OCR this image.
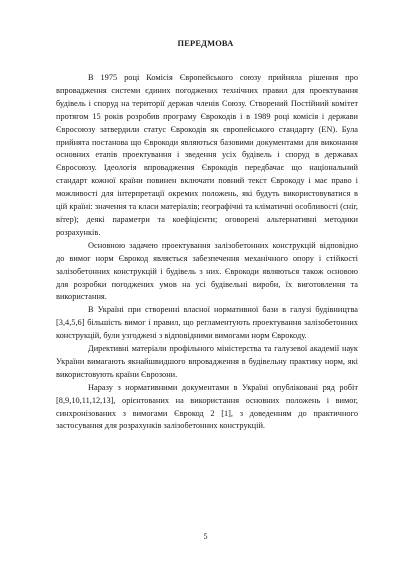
ПЕРЕДМОВА

В 1975 році Комісія Європейського союзу прийняла рішення про впровадження системи єдиних погоджених технічних правил для проектування будівель і споруд на території держав членів Союзу. Створений Постійний комітет протягом 15 років розробив програму Єврокодів і в 1989 році комісія і держави Євросоюзу затвердили статус Єврокодів як європейського стандарту (EN). Була прийнята постанова що Єврокоди являються базовими документами для виконання основних етапів проектування і зведення усіх будівель і споруд в державах Євросоюзу. Ідеологія впровадження Єврокодів передбачає що національний стандарт кожної країни повинен включати повний текст Єврокоду і має право і можливості для інтерпретації окремих положень, які будуть використовуватися в цій країні: значення та класи матеріалів; географічні та кліматичні особливості (сніг, вітер); деякі параметри та коефіцієнти; оговорені альтернативні методики розрахунків.

Основною задачею проектування залізобетонних конструкцій відповідно до вимог норм Єврокод являється забезпечення механічного опору і стійкості залізобетонних конструкцій і будівель з них. Єврокоди являються також основою для розробки погоджених умов на усі будівельні вироби, їх виготовлення та використання.

В Україні при створенні власної нормативної бази в галузі будівництва [3,4,5,6] більшість вимог і правил, що регламентують проектування залізобетонних конструкцій, були узгоджені з відповідними вимогами норм Єврокоду.

Директивні матеріали профільного міністерства та галузевої академії наук України вимагають якнайшвидшого впровадження в будівельну практику норм, які використовують країни Єврозони.

Наразу з нормативними документами в Україні опубліковані ряд робіт [8,9,10,11,12,13], орієнтованих на використання основних положень і вимог, синхронізованих з вимогами Єврокод 2 [1], з доведенням до практичного застосування для розрахунків залізобетонних конструкцій.

5
